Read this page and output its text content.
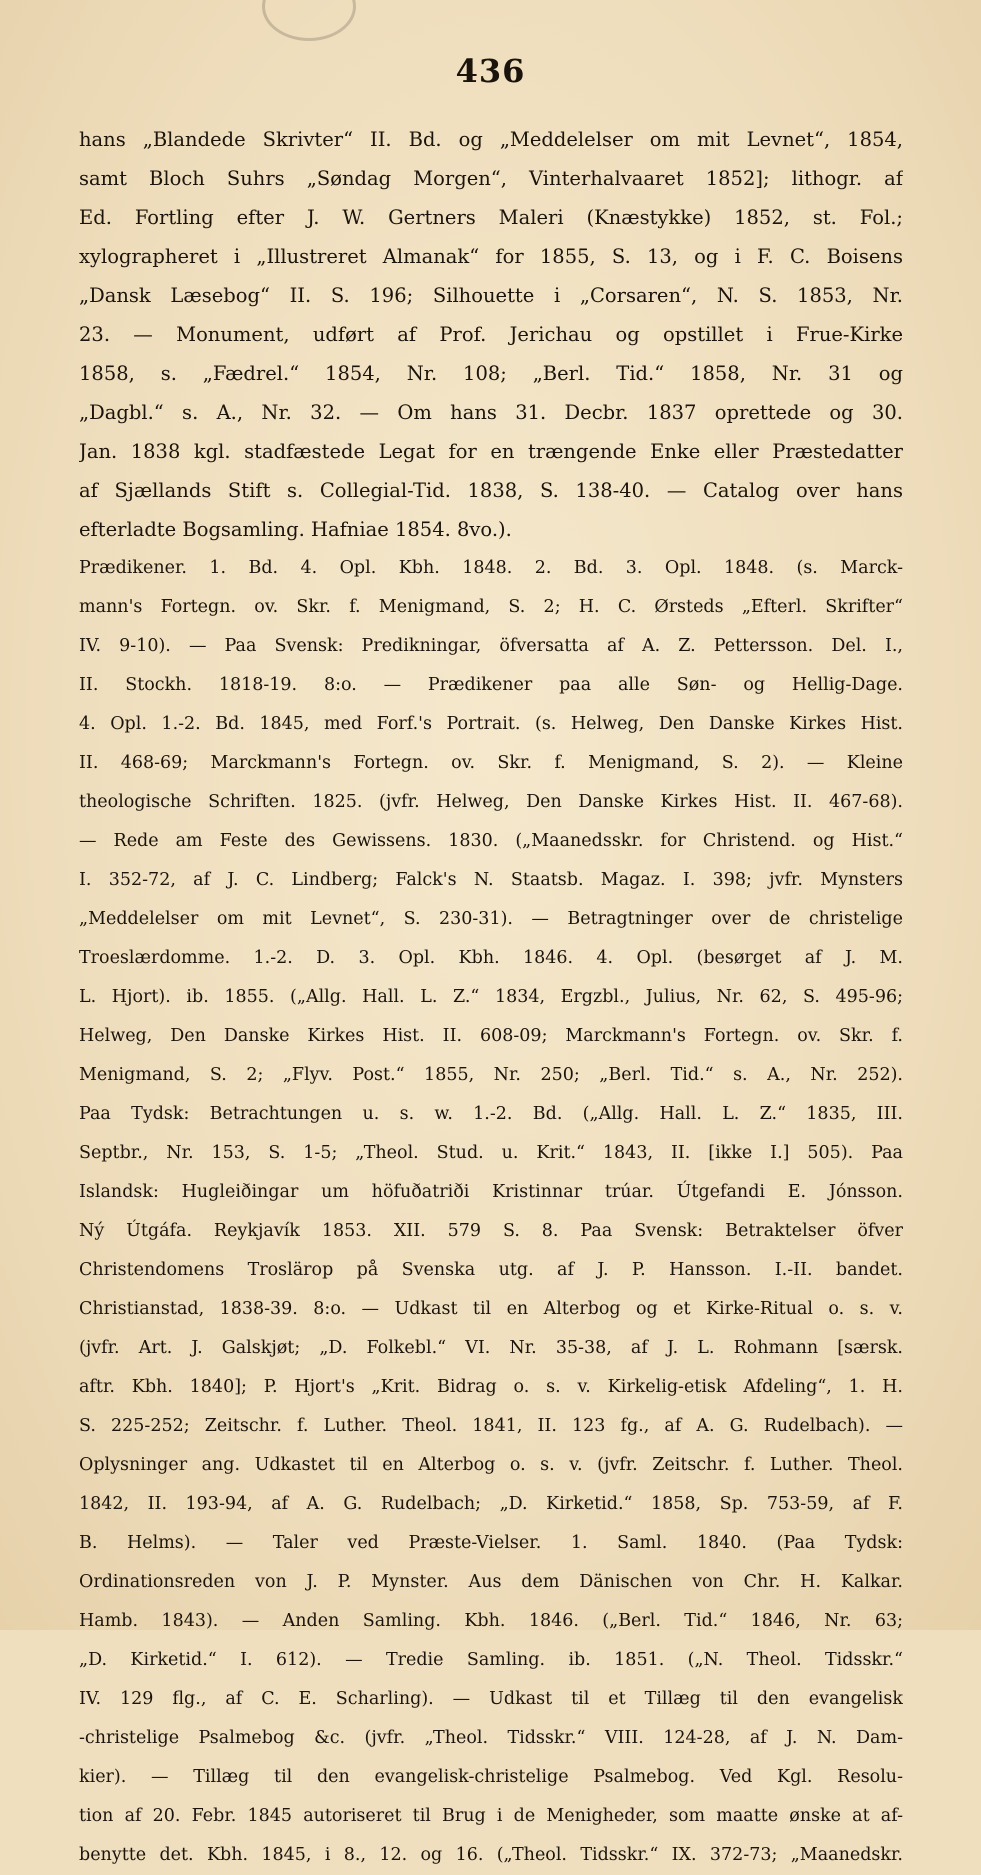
436
hans „Blandede Skrivter“ II. Bd. og „Meddelelser om mit Levnet“, 1854,
samt Bloch Suhrs „Søndag Morgen“, Vinterhalvaaret 1852]; lithogr. af
Ed. Fortling efter J. W. Gertners Maleri (Knæstykke) 1852, st. Fol.;
xylographeret i „Illustreret Almanak“ for 1855, S. 13, og i F. C. Boisens
„Dansk Læsebog“ II. S. 196; Silhouette i „Corsaren“, N. S. 1853, Nr.
23. — Monument, udført af Prof. Jerichau og opstillet i Frue-Kirke
1858, s. „Fædrel.“ 1854, Nr. 108; „Berl. Tid.“ 1858, Nr. 31 og
„Dagbl.“ s. A., Nr. 32. — Om hans 31. Decbr. 1837 oprettede og 30.
Jan. 1838 kgl. stadfæstede Legat for en trængende Enke eller Præstedatter
af Sjællands Stift s. Collegial-Tid. 1838, S. 138-40. — Catalog over hans
efterladte Bogsamling. Hafniae 1854. 8vo.).
Prædikener. 1. Bd. 4. Opl. Kbh. 1848. 2. Bd. 3. Opl. 1848. (s. Marck-
mann's Fortegn. ov. Skr. f. Menigmand, S. 2; H. C. Ørsteds „Efterl. Skrifter“
IV. 9-10). — Paa Svensk: Predikningar, öfversatta af A. Z. Pettersson. Del. I.,
II. Stockh. 1818-19. 8:o. — Prædikener paa alle Søn- og Hellig-Dage.
4. Opl. 1.-2. Bd. 1845, med Forf.'s Portrait. (s. Helweg, Den Danske Kirkes Hist.
II. 468-69; Marckmann's Fortegn. ov. Skr. f. Menigmand, S. 2). — Kleine
theologische Schriften. 1825. (jvfr. Helweg, Den Danske Kirkes Hist. II. 467-68).
— Rede am Feste des Gewissens. 1830. („Maanedsskr. for Christend. og Hist.“
I. 352-72, af J. C. Lindberg; Falck's N. Staatsb. Magaz. I. 398; jvfr. Mynsters
„Meddelelser om mit Levnet“, S. 230-31). — Betragtninger over de christelige
Troeslærdomme. 1.-2. D. 3. Opl. Kbh. 1846. 4. Opl. (besørget af J. M.
L. Hjort). ib. 1855. („Allg. Hall. L. Z.“ 1834, Ergzbl., Julius, Nr. 62, S. 495-96;
Helweg, Den Danske Kirkes Hist. II. 608-09; Marckmann's Fortegn. ov. Skr. f.
Menigmand, S. 2; „Flyv. Post.“ 1855, Nr. 250; „Berl. Tid.“ s. A., Nr. 252).
Paa Tydsk: Betrachtungen u. s. w. 1.-2. Bd. („Allg. Hall. L. Z.“ 1835, III.
Septbr., Nr. 153, S. 1-5; „Theol. Stud. u. Krit.“ 1843, II. [ikke I.] 505). Paa
Islandsk: Hugleiðingar um höfuðatriði Kristinnar trúar. Útgefandi E. Jónsson.
Ný Útgáfa. Reykjavík 1853. XII. 579 S. 8. Paa Svensk: Betraktelser öfver
Christendomens Troslärор på Svenska utg. af J. P. Hansson. I.-II. bandet.
Christianstad, 1838-39. 8:o. — Udkast til en Alterbog og et Kirke-Ritual o. s. v.
(jvfr. Art. J. Galskjøt; „D. Folkebl.“ VI. Nr. 35-38, af J. L. Rohmann [særsk.
aftr. Kbh. 1840]; P. Hjort's „Krit. Bidrag o. s. v. Kirkelig-etisk Afdeling“, 1. H.
S. 225-252; Zeitschr. f. Luther. Theol. 1841, II. 123 fg., af A. G. Rudelbach). —
Oplysninger ang. Udkastet til en Alterbog o. s. v. (jvfr. Zeitschr. f. Luther. Theol.
1842, II. 193-94, af A. G. Rudelbach; „D. Kirketid.“ 1858, Sp. 753-59, af F.
B. Helms). — Taler ved Præste-Vielser. 1. Saml. 1840. (Paa Tydsk:
Ordinationsreden von J. P. Mynster. Aus dem Dänischen von Chr. H. Kalkar.
Hamb. 1843). — Anden Samling. Kbh. 1846. („Berl. Tid.“ 1846, Nr. 63;
„D. Kirketid.“ I. 612). — Tredie Samling. ib. 1851. („N. Theol. Tidsskr.“
IV. 129 flg., af C. E. Scharling). — Udkast til et Tillæg til den evangelisk
-christelige Psalmebog &c. (jvfr. „Theol. Tidsskr.“ VIII. 124-28, af J. N. Dam-
kier). — Tillæg til den evangelisk-christelige Psalmebog. Ved Kgl. Resolu-
tion af 20. Febr. 1845 autoriseret til Brug i de Menigheder, som maatte ønske at af-
benytte det. Kbh. 1845, i 8., 12. og 16. („Theol. Tidsskr.“ IX. 372-73; „Maanedskr.
